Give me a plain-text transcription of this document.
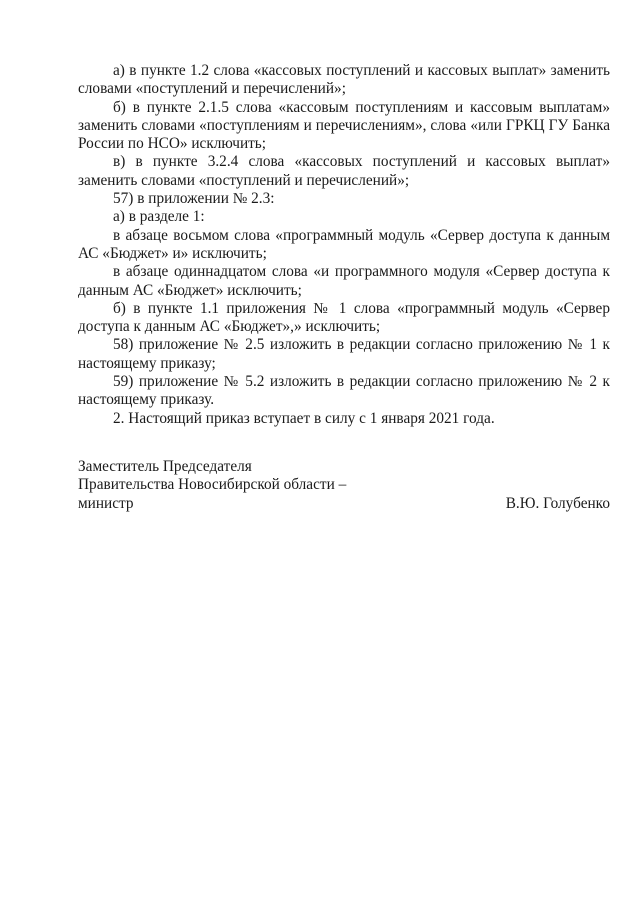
а) в пункте 1.2 слова «кассовых поступлений и кассовых выплат» заменить словами «поступлений и перечислений»;

б) в пункте 2.1.5 слова «кассовым поступлениям и кассовым выплатам» заменить словами «поступлениям и перечислениям», слова «или ГРКЦ ГУ Банка России по НСО» исключить;

в) в пункте 3.2.4 слова «кассовых поступлений и кассовых выплат» заменить словами «поступлений и перечислений»;

57) в приложении № 2.3:

а) в разделе 1:

в абзаце восьмом слова «программный модуль «Сервер доступа к данным АС «Бюджет» и» исключить;

в абзаце одиннадцатом слова «и программного модуля «Сервер доступа к данным АС «Бюджет» исключить;

б) в пункте 1.1 приложения № 1 слова «программный модуль «Сервер доступа к данным АС «Бюджет»,» исключить;

58) приложение № 2.5 изложить в редакции согласно приложению № 1 к настоящему приказу;

59) приложение № 5.2 изложить в редакции согласно приложению № 2 к настоящему приказу.

2. Настоящий приказ вступает в силу с 1 января 2021 года.

Заместитель Председателя

Правительства Новосибирской области –

министр	В.Ю. Голубенко
